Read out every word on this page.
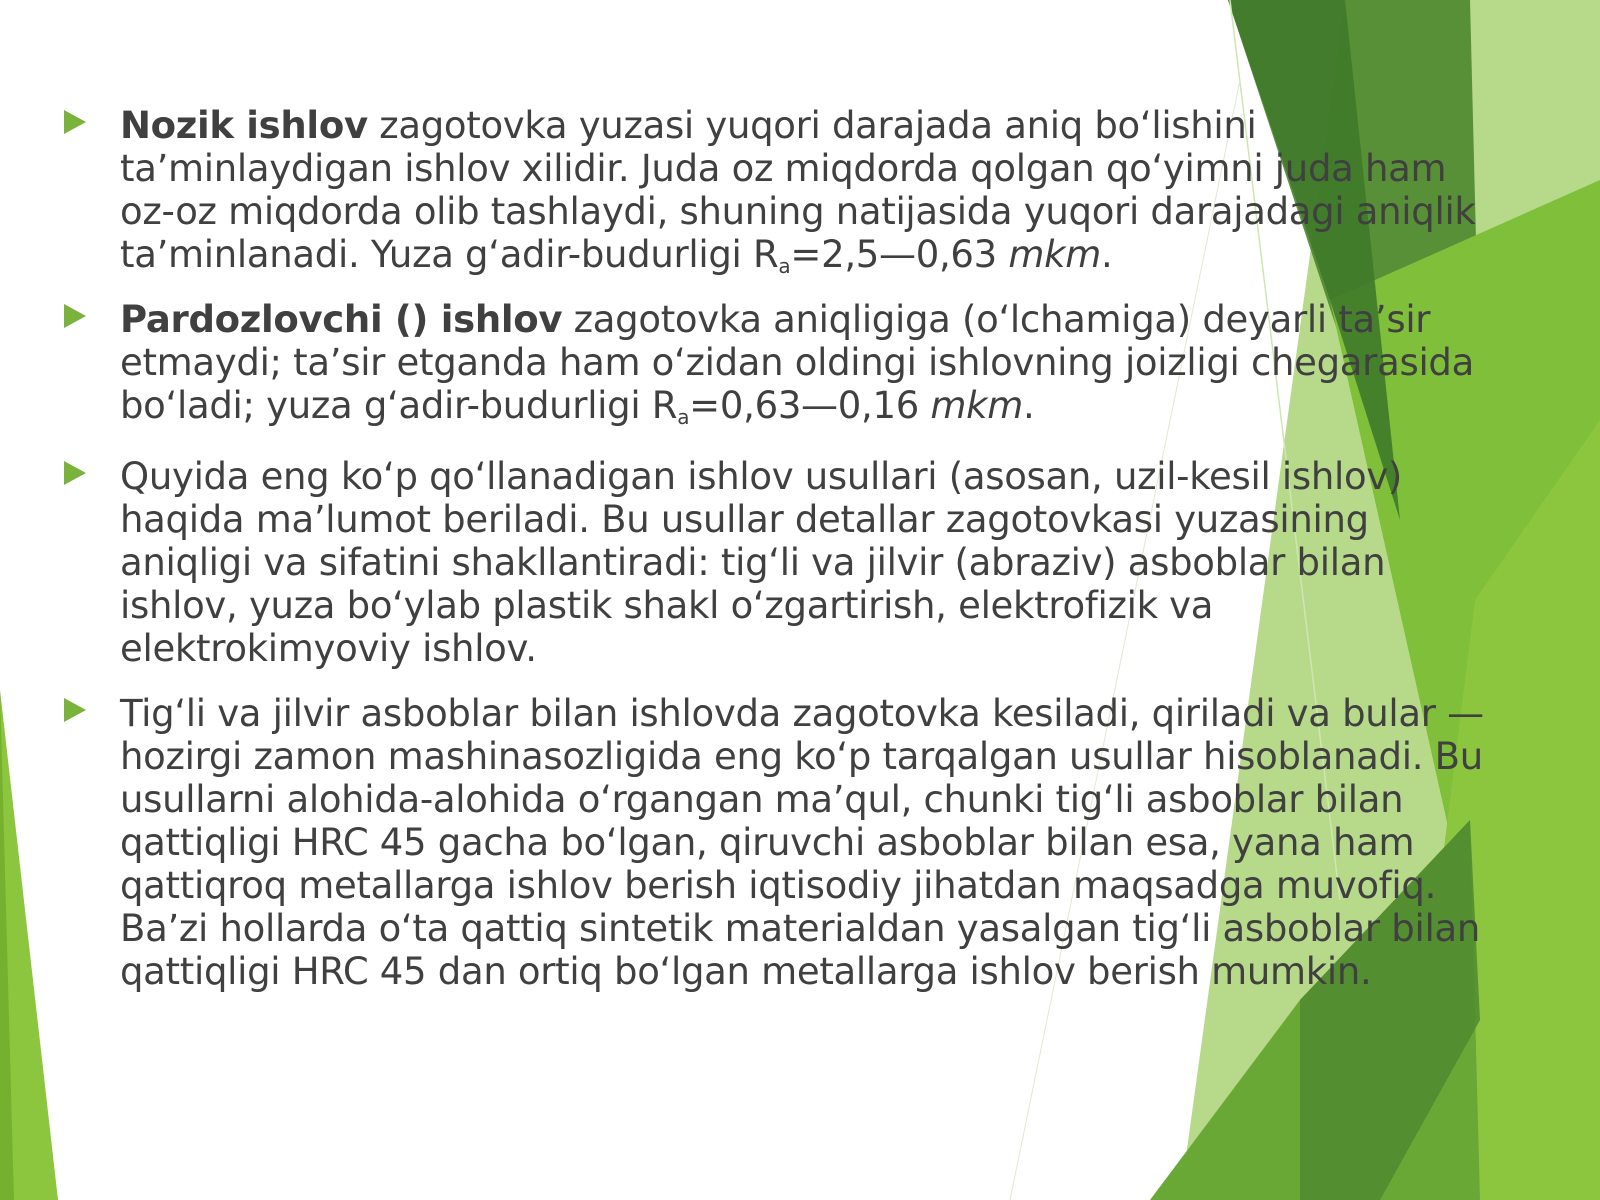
Nozik ishlov zagotovka yuzasi yuqori darajada aniq boʻlishini taʼminlaydigan ishlov xilidir. Juda oz miqdorda qolgan qoʻyimni juda ham oz-oz miqdorda olib tashlaydi, shuning natijasida yuqori darajadagi aniqlik taʼminlanadi. Yuza gʻadir-budurligi $R_a=2,5—0,63$ mkm.
Pardozlovchi () ishlov zagotovka aniqligiga (oʻlchamiga) deyarli taʼsir etmaydi; taʼsir etganda ham oʻzidan oldingi ishlovning joizligi chegarasida boʻladi; yuza gʻadir-budurligi $R_a=0,63—0,16$ mkm.
Quyida eng koʻp qoʻllanadigan ishlov usullari (asosan, uzil-kesil ishlov) haqida maʼlumot beriladi. Bu usullar detallar zagotovkasi yuzasining aniqligi va sifatini shakllantiradi: tigʻli va jilvir (abraziv) asboblar bilan ishlov, yuza boʻylab plastik shakl oʻzgartirish, elektrofizik va elektrokimyoviy ishlov.
Tigʻli va jilvir asboblar bilan ishlovda zagotovka kesiladi, qiriladi va bular — hozirgi zamon mashinasozligida eng koʻp tarqalgan usullar hisoblanadi. Bu usullarni alohida-alohida oʻrgangan maʼqul, chunki tigʻli asboblar bilan qattiqligi HRC 45 gacha boʻlgan, qiruvchi asboblar bilan esa, yana ham qattiqroq metallarga ishlov berish iqtisodiy jihatdan maqsadga muvofiq. Baʼzi hollarda oʻta qattiq sintetik materialdan yasalgan tigʻli asboblar bilan qattiqligi HRC 45 dan ortiq boʻlgan metallarga ishlov berish mumkin.
